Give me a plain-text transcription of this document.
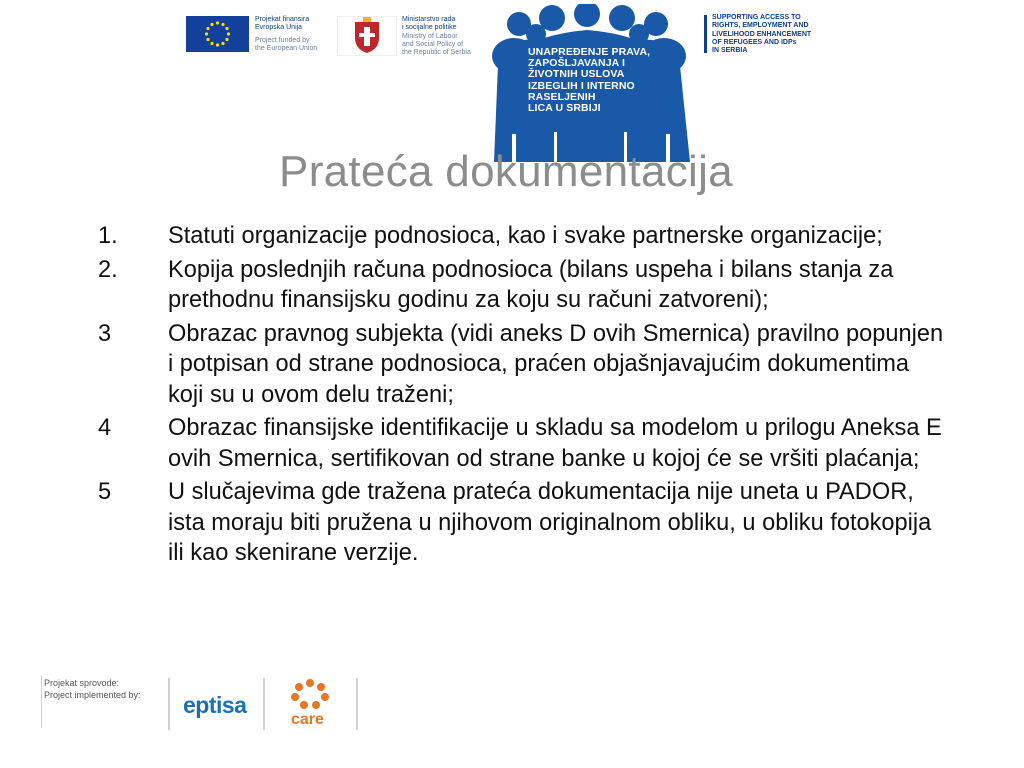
Projekat finansira
Evropska Unija
Project funded by
the European Union
Ministarstvo rada
i socijalne politike
Ministry of Labour
and Social Policy of
the Republic of Serbia	UNAPREĐENJE PRAVA,
ZAPOŠLJAVANJA I
ŽIVOTNIH USLOVA
IZBEGLIH I INTERNO
RASELJENIH
LICA U SRBIJI
SUPPORTING ACCESS TO
RIGHTS, EMPLOYMENT AND
LIVELIHOOD ENHANCEMENT
OF REFUGEES AND IDPs
IN SERBIA
Prateća dokumentacija
1.	Statuti organizacije podnosioca, kao i svake partnerske organizacije;
2.	Kopija poslednjih računa podnosioca (bilans uspeha i bilans stanja za prethodnu finansijsku godinu za koju su računi zatvoreni);
3	Obrazac pravnog subjekta (vidi aneks D ovih Smernica) pravilno popunjen i potpisan od strane podnosioca, praćen objašnjavajućim dokumentima koji su u ovom delu traženi;
4	Obrazac finansijske identifikacije u skladu sa modelom u prilogu Aneksa E ovih Smernica, sertifikovan od strane banke u kojoj će se vršiti plaćanja;
5	U slučajevima gde tražena prateća dokumentacija nije uneta u PADOR, ista moraju biti pružena u njihovom originalnom obliku, u obliku fotokopija ili kao skenirane verzije.
Projekat sprovode:
Project implemented by:	eptisa
care
